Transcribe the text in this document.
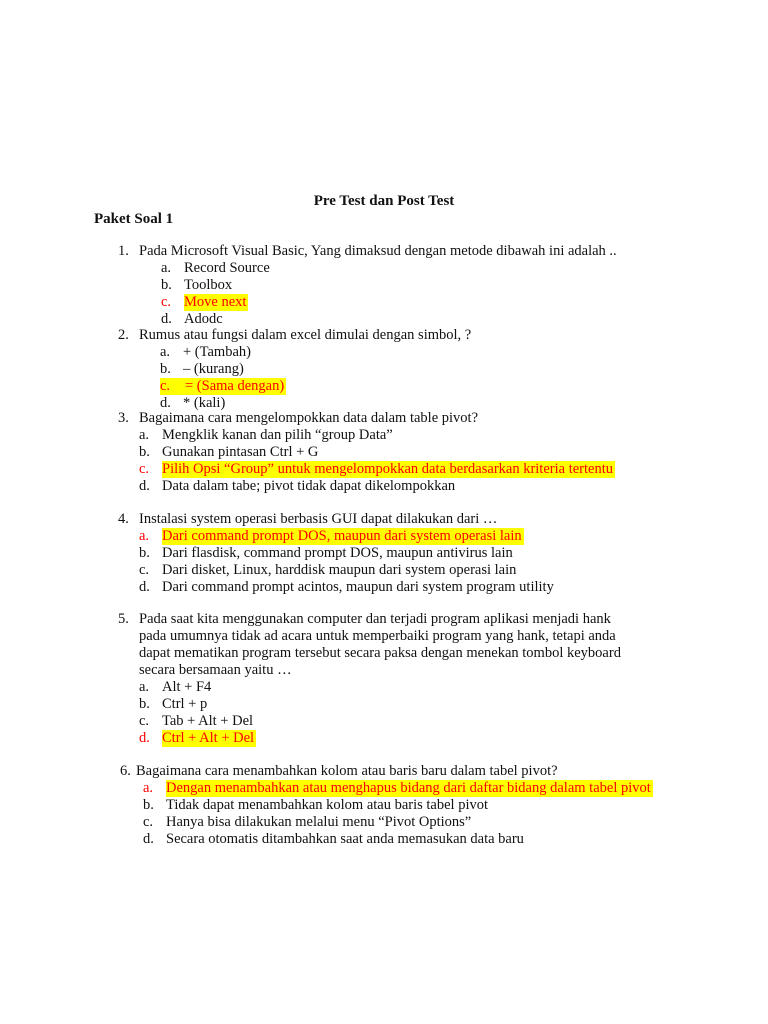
Pre Test dan Post Test
Paket Soal 1
1. Pada Microsoft Visual Basic, Yang dimaksud dengan metode dibawah ini adalah ..
a. Record Source
b. Toolbox
c. Move next
d. Adodc
2. Rumus atau fungsi dalam excel dimulai dengan simbol, ?
a. + (Tambah)
b. – (kurang)
c.	= (Sama dengan)
d. * (kali)
3. Bagaimana cara mengelompokkan data dalam table pivot?
a. Mengklik kanan dan pilih “group Data”
b. Gunakan pintasan Ctrl + G
c. Pilih Opsi “Group” untuk mengelompokkan data berdasarkan kriteria tertentu
d. Data dalam tabe; pivot tidak dapat dikelompokkan
4. Instalasi system operasi berbasis GUI dapat dilakukan dari …
a. Dari command prompt DOS, maupun dari system operasi lain
b. Dari flasdisk, command prompt DOS, maupun antivirus lain
c. Dari disket, Linux, harddisk maupun dari system operasi lain
d. Dari command prompt acintos, maupun dari system program utility
5. Pada saat kita menggunakan computer dan terjadi program aplikasi menjadi hank
pada umumnya tidak ad acara untuk memperbaiki program yang hank, tetapi anda
dapat mematikan program tersebut secara paksa dengan menekan tombol keyboard
secara bersamaan yaitu …
a. Alt + F4
b. Ctrl + p
c. Tab + Alt + Del
d. Ctrl + Alt + Del
6. Bagaimana cara menambahkan kolom atau baris baru dalam tabel pivot?
a. Dengan menambahkan atau menghapus bidang dari daftar bidang dalam tabel pivot
b. Tidak dapat menambahkan kolom atau baris tabel pivot
c. Hanya bisa dilakukan melalui menu “Pivot Options”
d. Secara otomatis ditambahkan saat anda memasukan data baru
